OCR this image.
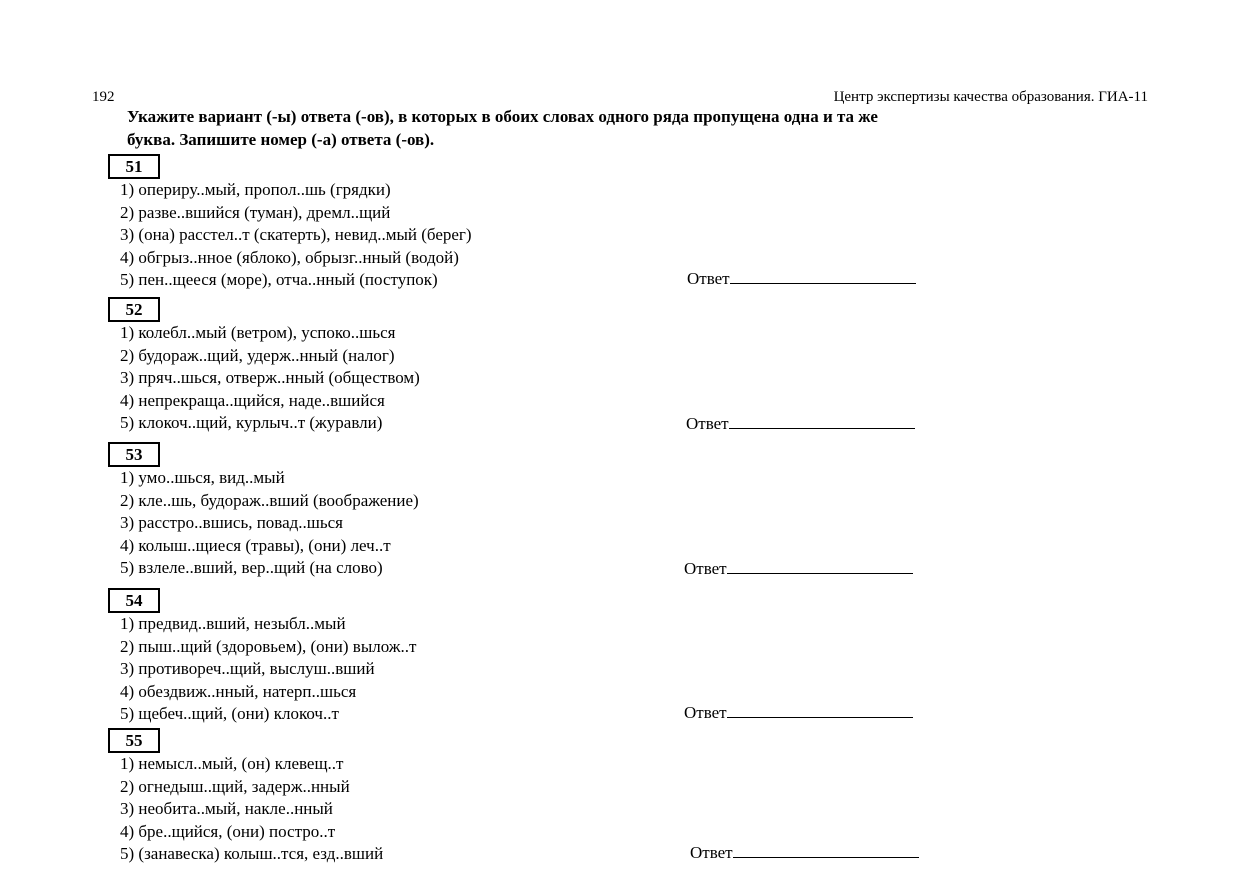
192	Центр экспертизы качества образования. ГИА-11
Укажите вариант (-ы) ответа (-ов), в которых в обоих словах одного ряда пропущена одна и та же
буква. Запишите номер (-а) ответа (-ов).
51
1) опериру..мый, пропол..шь (грядки)
2) разве..вшийся (туман), дремл..щий
3) (она) расстел..т (скатерть), невид..мый (берег)
4) обгрыз..нное (яблоко), обрызг..нный (водой)
5) пен..щееся (море), отча..нный (поступок)	Ответ
52
1) колебл..мый (ветром), успоко..шься
2) будораж..щий, удерж..нный (налог)
3) пряч..шься, отверж..нный (обществом)
4) непрекраща..щийся, наде..вшийся
5) клокоч..щий, курлыч..т (журавли)	Ответ
53
1) умо..шься, вид..мый
2) кле..шь, будораж..вший (воображение)
3) расстро..вшись, повад..шься
4) колыш..щиеся (травы), (они) леч..т
5) взлеле..вший, вер..щий (на слово)	Ответ
54
1) предвид..вший, незыбл..мый
2) пыш..щий (здоровьем), (они) вылож..т
3) противореч..щий, выслуш..вший
4) обездвиж..нный, натерп..шься
5) щебеч..щий, (они) клокоч..т	Ответ
55
1) немысл..мый, (он) клевещ..т
2) огнедыш..щий, задерж..нный
3) необита..мый, накле..нный
4) бре..щийся, (они) постро..т
5) (занавеска) колыш..тся, езд..вший	Ответ
